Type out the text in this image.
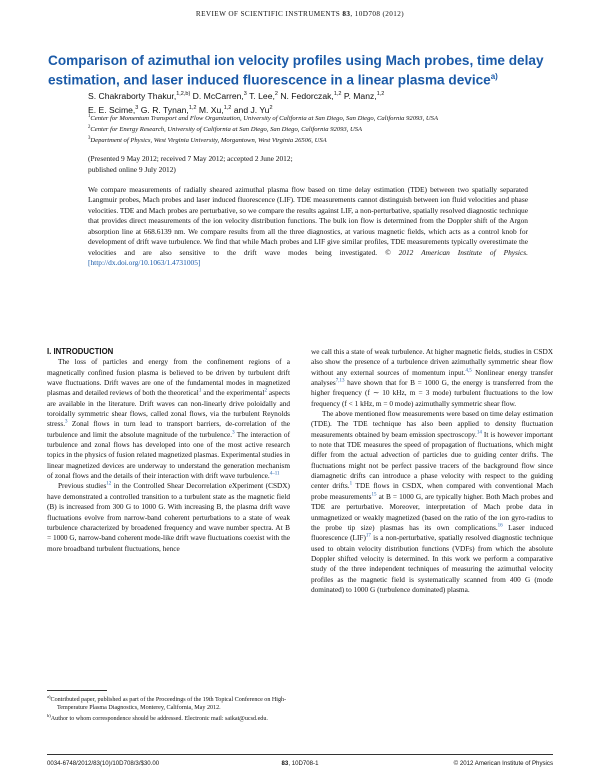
REVIEW OF SCIENTIFIC INSTRUMENTS 83, 10D708 (2012)
Comparison of azimuthal ion velocity profiles using Mach probes, time delay estimation, and laser induced fluorescence in a linear plasma device$^{a)}$
S. Chakraborty Thakur,$^{1,2,b)}$ D. McCarren,$^3$ T. Lee,$^2$ N. Fedorczak,$^{1,2}$ P. Manz,$^{1,2}$
E. E. Scime,$^3$ G. R. Tynan,$^{1,2}$ M. Xu,$^{1,2}$ and J. Yu$^2$
$^1$Center for Momentum Transport and Flow Organization, University of California at San Diego, San Diego, California 92093, USA
$^2$Center for Energy Research, University of California at San Diego, San Diego, California 92093, USA
$^3$Department of Physics, West Virginia University, Morgantown, West Virginia 26506, USA
(Presented 9 May 2012; received 7 May 2012; accepted 2 June 2012;
published online 9 July 2012)
We compare measurements of radially sheared azimuthal plasma flow based on time delay estimation (TDE) between two spatially separated Langmuir probes, Mach probes and laser induced fluorescence (LIF). TDE measurements cannot distinguish between ion fluid velocities and phase velocities. TDE and Mach probes are perturbative, so we compare the results against LIF, a non-perturbative, spatially resolved diagnostic technique that provides direct measurements of the ion velocity distribution functions. The bulk ion flow is determined from the Doppler shift of the Argon absorption line at 668.6139 nm. We compare results from all the three diagnostics, at various magnetic fields, which acts as a control knob for development of drift wave turbulence. We find that while Mach probes and LIF give similar profiles, TDE measurements typically overestimate the velocities and are also sensitive to the drift wave modes being investigated. © 2012 American Institute of Physics. [http://dx.doi.org/10.1063/1.4731005]

I. INTRODUCTION

The loss of particles and energy from the confinement regions of a magnetically confined fusion plasma is believed to be driven by turbulent drift wave fluctuations. Drift waves are one of the fundamental modes in magnetized plasmas and detailed reviews of both the theoretical$^1$ and the experimental$^2$ aspects are available in the literature. Drift waves can non-linearly drive poloidally and toroidally symmetric shear flows, called zonal flows, via the turbulent Reynolds stress.$^3$ Zonal flows in turn lead to transport barriers, de-correlation of the turbulence and limit the absolute magnitude of the turbulence.$^3$ The interaction of turbulence and zonal flows has developed into one of the most active research topics in the physics of fusion related magnetized plasmas. Experimental studies in linear magnetized devices are underway to understand the generation mechanism of zonal flows and the details of their interaction with drift wave turbulence.$^{4-11}$

Previous studies$^{12}$ in the Controlled Shear Decorrelation eXperiment (CSDX) have demonstrated a controlled transition to a turbulent state as the magnetic field (B) is increased from 300 G to 1000 G. With increasing B, the plasma drift wave fluctuations evolve from narrow-band coherent perturbations to a state of weak turbulence characterized by broadened frequency and wave number spectra. At B = 1000 G, narrow-band coherent mode-like drift wave fluctuations coexist with the more broadband turbulent fluctuations, hence

we call this a state of weak turbulence. At higher magnetic fields, studies in CSDX also show the presence of a turbulence driven azimuthally symmetric shear flow without any external sources of momentum input.$^{4,5}$ Nonlinear energy transfer analyses$^{7,13}$ have shown that for B = 1000 G, the energy is transferred from the higher frequency (f ∼ 10 kHz, m = 3 mode) turbulent fluctuations to the low frequency (f < 1 kHz, m = 0 mode) azimuthally symmetric shear flow.

The above mentioned flow measurements were based on time delay estimation (TDE). The TDE technique has also been applied to density fluctuation measurements obtained by beam emission spectroscopy.$^{14}$ It is however important to note that TDE measures the speed of propagation of fluctuations, which might differ from the actual advection of particles due to guiding center drifts. The fluctuations might not be perfect passive tracers of the background flow since diamagnetic drifts can introduce a phase velocity with respect to the guiding center drifts.$^1$ TDE flows in CSDX, when compared with conventional Mach probe measurements$^{15}$ at B = 1000 G, are typically higher. Both Mach probes and TDE are perturbative. Moreover, interpretation of Mach probe data in unmagnetized or weakly magnetized (based on the ratio of the ion gyro-radius to the probe tip size) plasmas has its own complications.$^{16}$ Laser induced fluorescence (LIF)$^{17}$ is a non-perturbative, spatially resolved diagnostic technique used to obtain velocity distribution functions (VDFs) from which the absolute Doppler shifted velocity is determined. In this work we perform a comparative study of the three independent techniques of measuring the azimuthal velocity profiles as the magnetic field is systematically scanned from 400 G (mode dominated) to 1000 G (turbulence dominated) plasma.

$^{a)}$Contributed paper, published as part of the Proceedings of the 19th Topical Conference on High-Temperature Plasma Diagnostics, Monterey, California, May 2012.
$^{b)}$Author to whom correspondence should be addressed. Electronic mail: saikat@ucsd.edu.
0034-6748/2012/83(10)/10D708/3/$30.00	83, 10D708-1	© 2012 American Institute of Physics
